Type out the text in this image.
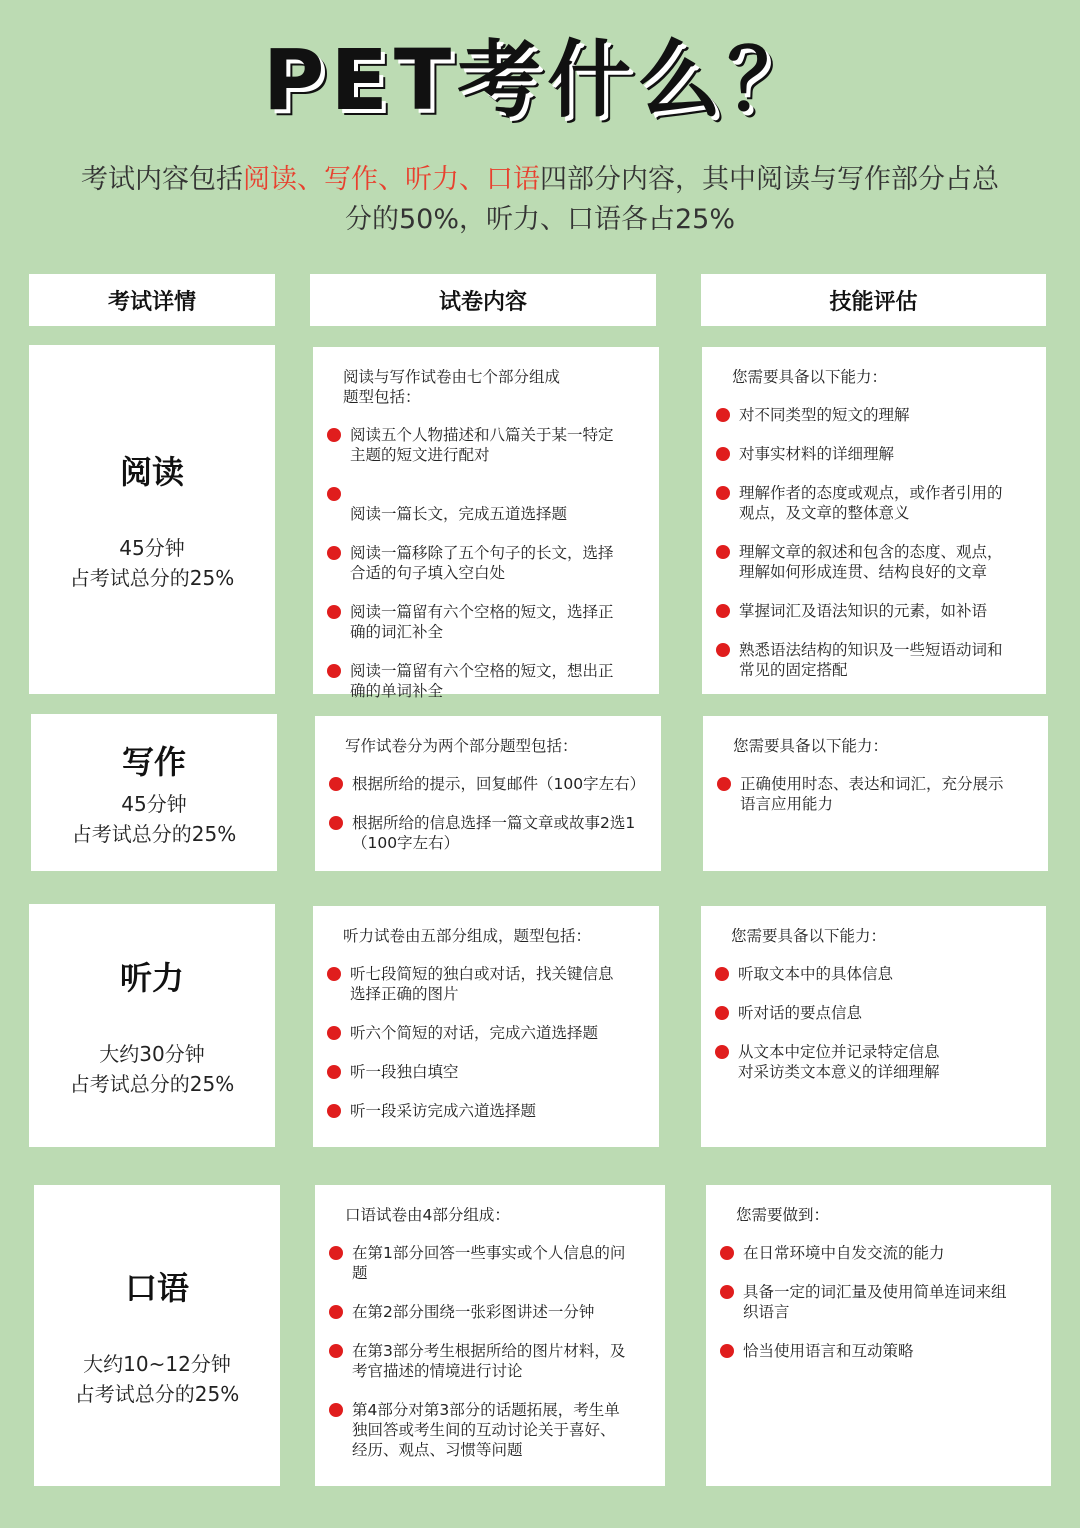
PET考什么？
考试内容包括阅读、写作、听力、口语四部分内容，其中阅读与写作部分占总
分的50%，听力、口语各占25%
考试详情	试卷内容	技能评估
阅读
45分钟
占考试总分的25%
阅读与写作试卷由七个部分组成
题型包括：
阅读五个人物描述和八篇关于某一特定
主题的短文进行配对
阅读一篇长文，完成五道选择题
阅读一篇移除了五个句子的长文，选择
合适的句子填入空白处
阅读一篇留有六个空格的短文，选择正
确的词汇补全
阅读一篇留有六个空格的短文，想出正
确的单词补全
您需要具备以下能力：
对不同类型的短文的理解
对事实材料的详细理解
理解作者的态度或观点，或作者引用的
观点，及文章的整体意义
理解文章的叙述和包含的态度、观点，
理解如何形成连贯、结构良好的文章
掌握词汇及语法知识的元素，如补语
熟悉语法结构的知识及一些短语动词和
常见的固定搭配
写作
45分钟
占考试总分的25%
写作试卷分为两个部分题型包括：
根据所给的提示，回复邮件（100字左右）
根据所给的信息选择一篇文章或故事2选1
（100字左右）
您需要具备以下能力：
正确使用时态、表达和词汇，充分展示
语言应用能力
听力
大约30分钟
占考试总分的25%
听力试卷由五部分组成，题型包括：
听七段简短的独白或对话，找关键信息
选择正确的图片
听六个简短的对话，完成六道选择题
听一段独白填空
听一段采访完成六道选择题
您需要具备以下能力：
听取文本中的具体信息
听对话的要点信息
从文本中定位并记录特定信息
对采访类文本意义的详细理解
口语
大约10~12分钟
占考试总分的25%
口语试卷由4部分组成：
在第1部分回答一些事实或个人信息的问
题
在第2部分围绕一张彩图讲述一分钟
在第3部分考生根据所给的图片材料，及
考官描述的情境进行讨论
第4部分对第3部分的话题拓展，考生单
独回答或考生间的互动讨论关于喜好、
经历、观点、习惯等问题
您需要做到：
在日常环境中自发交流的能力
具备一定的词汇量及使用简单连词来组
织语言
恰当使用语言和互动策略
